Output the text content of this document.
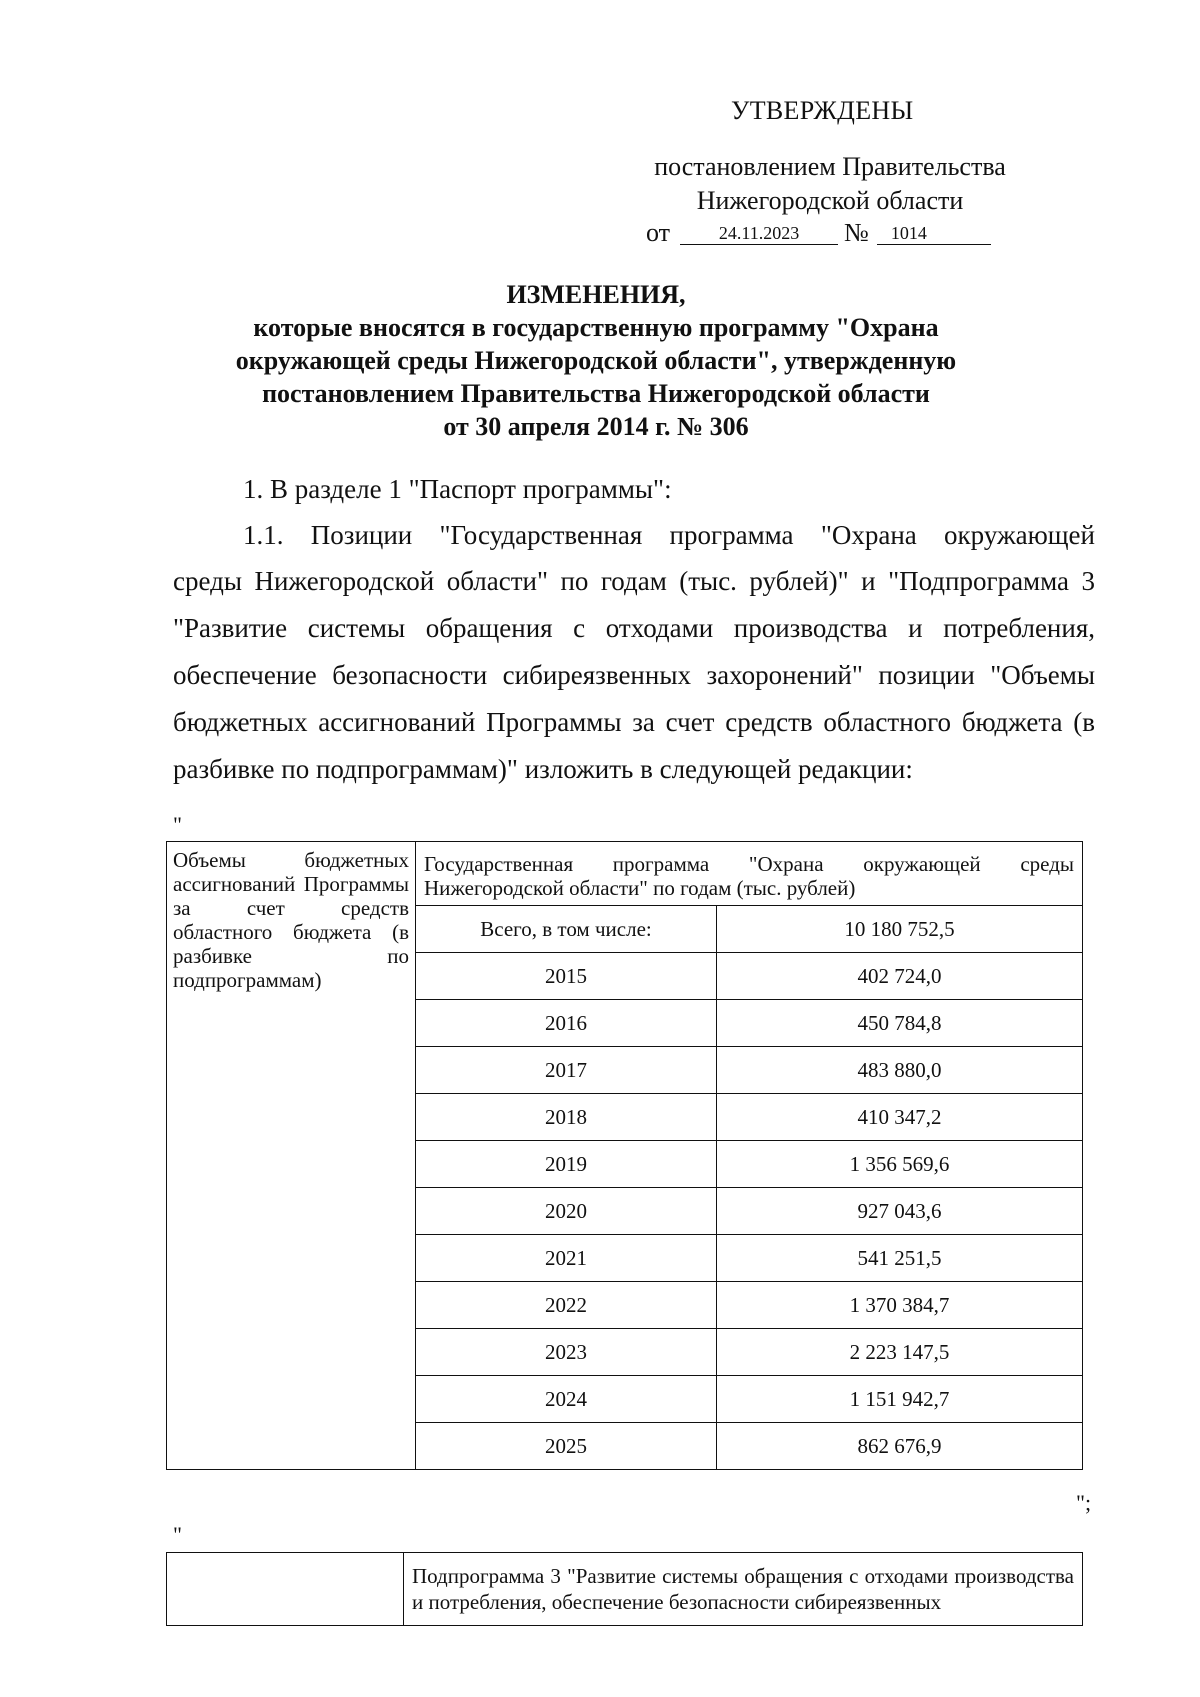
УТВЕРЖДЕНЫ
постановлением Правительства
Нижегородской области
от	24.11.2023 № 1014
ИЗМЕНЕНИЯ,
которые вносятся в государственную программу "Охрана
окружающей среды Нижегородской области", утвержденную
постановлением Правительства Нижегородской области
от 30 апреля 2014 г. № 306
1. В разделе 1 "Паспорт программы":
1.1. Позиции "Государственная программа "Охрана окружающей
среды Нижегородской области" по годам (тыс. рублей)" и "Подпрограмма 3 "Развитие системы обращения с отходами производства и потребления, обеспечение безопасности сибиреязвенных захоронений" позиции "Объемы бюджетных ассигнований Программы за счет средств областного бюджета (в разбивке по подпрограммам)" изложить в следующей редакции:
"
Объемы бюджетных ассигнований Программы за счет средств областного бюджета (в разбивке по подпрограммам)	Государственная программа "Охрана окружающей среды Нижегородской области" по годам (тыс. рублей)	
	Всего, в том числе:	10 180 752,5
	2015	402 724,0
	2016	450 784,8
	2017	483 880,0
	2018	410 347,2
	2019	1 356 569,6
	2020	927 043,6
	2021	541 251,5
	2022	1 370 384,7
	2023	2 223 147,5
	2024	1 151 942,7
	2025	862 676,9
";
"
	Подпрограмма 3 "Развитие системы обращения с отходами производства и потребления, обеспечение безопасности сибиреязвенных
